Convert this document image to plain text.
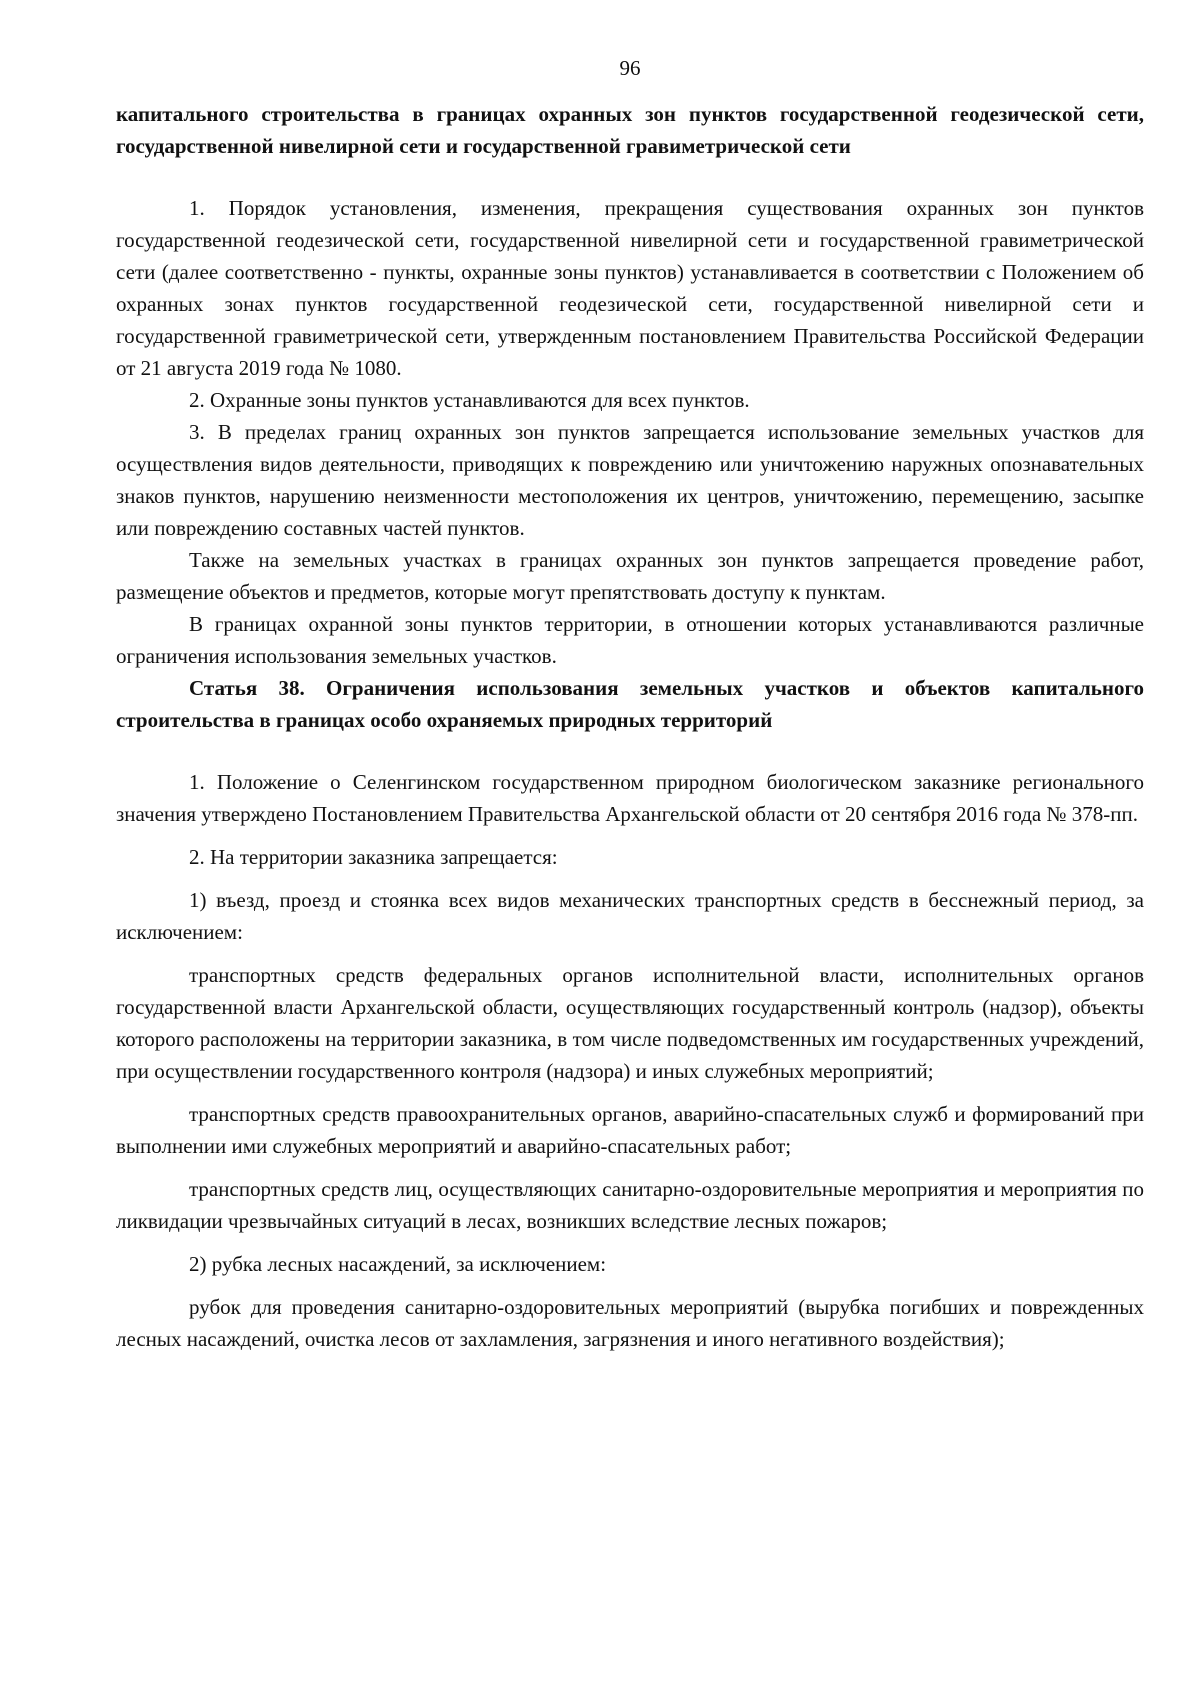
96
капитального строительства в границах охранных зон пунктов государственной геодезической сети, государственной нивелирной сети и государственной гравиметрической сети

1. Порядок установления, изменения, прекращения существования охранных зон пунктов государственной геодезической сети, государственной нивелирной сети и государственной гравиметрической сети (далее соответственно - пункты, охранные зоны пунктов) устанавливается в соответствии с Положением об охранных зонах пунктов государственной геодезической сети, государственной нивелирной сети и государственной гравиметрической сети, утвержденным постановлением Правительства Российской Федерации от 21 августа 2019 года № 1080.

2. Охранные зоны пунктов устанавливаются для всех пунктов.

3. В пределах границ охранных зон пунктов запрещается использование земельных участков для осуществления видов деятельности, приводящих к повреждению или уничтожению наружных опознавательных знаков пунктов, нарушению неизменности местоположения их центров, уничтожению, перемещению, засыпке или повреждению составных частей пунктов.

Также на земельных участках в границах охранных зон пунктов запрещается проведение работ, размещение объектов и предметов, которые могут препятствовать доступу к пунктам.

В границах охранной зоны пунктов территории, в отношении которых устанавливаются различные ограничения использования земельных участков.

Статья 38. Ограничения использования земельных участков и объектов капитального строительства в границах особо охраняемых природных территорий

1. Положение о Селенгинском государственном природном биологическом заказнике регионального значения утверждено Постановлением Правительства Архангельской области от 20 сентября 2016 года № 378-пп.

2. На территории заказника запрещается:

1) въезд, проезд и стоянка всех видов механических транспортных средств в бесснежный период, за исключением:

транспортных средств федеральных органов исполнительной власти, исполнительных органов государственной власти Архангельской области, осуществляющих государственный контроль (надзор), объекты которого расположены на территории заказника, в том числе подведомственных им государственных учреждений, при осуществлении государственного контроля (надзора) и иных служебных мероприятий;

транспортных средств правоохранительных органов, аварийно-спасательных служб и формирований при выполнении ими служебных мероприятий и аварийно-спасательных работ;

транспортных средств лиц, осуществляющих санитарно-оздоровительные мероприятия и мероприятия по ликвидации чрезвычайных ситуаций в лесах, возникших вследствие лесных пожаров;

2) рубка лесных насаждений, за исключением:

рубок для проведения санитарно-оздоровительных мероприятий (вырубка погибших и поврежденных лесных насаждений, очистка лесов от захламления, загрязнения и иного негативного воздействия);
